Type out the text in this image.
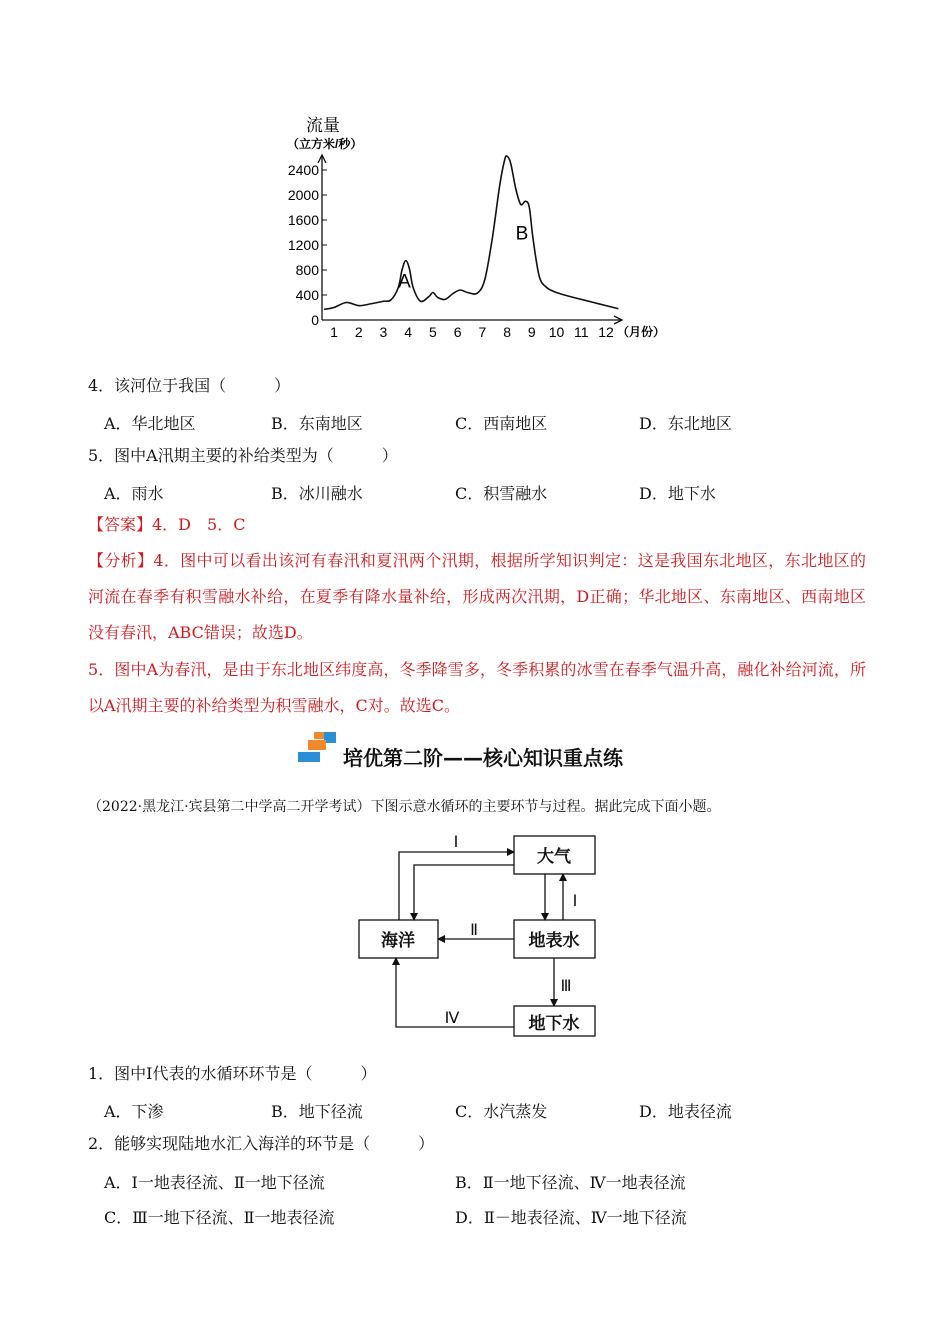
流量
（立方米/秒）
0
400
800
1200
1600
2000
2400
1 2 3 4 5 6 7 8 9 10 11 12 （月份）
A
B
4．该河位于我国（　　　）
A．华北地区	B．东南地区	C．西南地区	D．东北地区
5．图中A汛期主要的补给类型为（　　　）
A．雨水	B．冰川融水	C．积雪融水	D．地下水
【答案】4．D　5．C
【分析】4．图中可以看出该河有春汛和夏汛两个汛期，根据所学知识判定：这是我国东北地区，东北地区的河流在春季有积雪融水补给，在夏季有降水量补给，形成两次汛期，D正确；华北地区、东南地区、西南地区没有春汛，ABC错误；故选D。
5．图中A为春汛，是由于东北地区纬度高，冬季降雪多，冬季积累的冰雪在春季气温升高，融化补给河流，所以A汛期主要的补给类型为积雪融水，C对。故选C。
培优第二阶——核心知识重点练
（2022·黑龙江·宾县第二中学高二开学考试）下图示意水循环的主要环节与过程。据此完成下面小题。
大气
海洋	地表水
地下水
Ⅰ
Ⅰ
Ⅱ
Ⅲ
Ⅳ
1．图中Ⅰ代表的水循环环节是（　　　）
A．下渗	B．地下径流	C．水汽蒸发	D．地表径流
2．能够实现陆地水汇入海洋的环节是（　　　）
A．Ⅰ一地表径流、Ⅱ一地下径流	B．Ⅱ一地下径流、Ⅳ一地表径流
C．Ⅲ一地下径流、Ⅱ一地表径流	D．Ⅱ－地表径流、Ⅳ一地下径流
